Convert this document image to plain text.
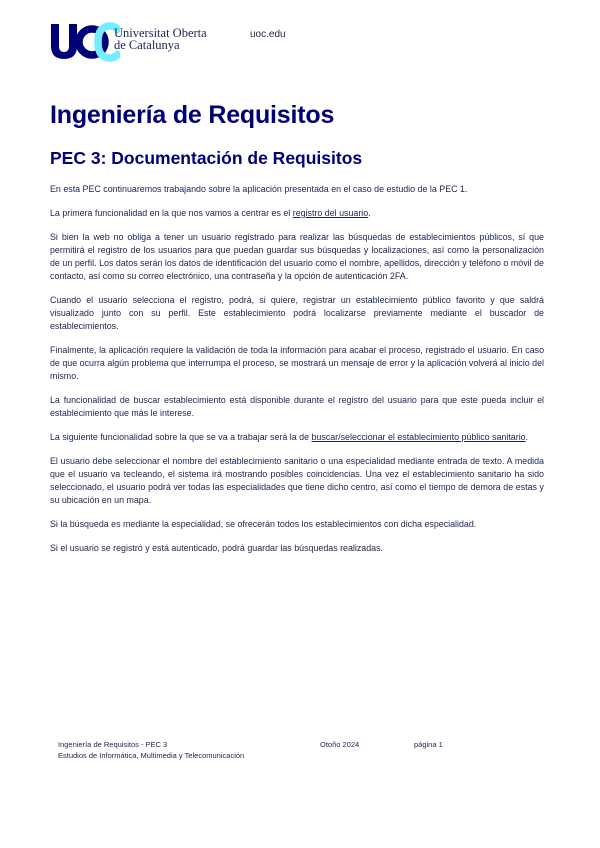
Universitat Oberta
de Catalunya
uoc.edu
Ingeniería de Requisitos
PEC 3: Documentación de Requisitos

En esta PEC continuaremos trabajando sobre la aplicación presentada en el caso de estudio de la PEC 1.

La primera funcionalidad en la que nos vamos a centrar es el registro del usuario.

Si bien la web no obliga a tener un usuario registrado para realizar las búsquedas de establecimientos públicos, sí que permitirá el registro de los usuarios para que puedan guardar sus búsquedas y localizaciones, así como la personalización de un perfil. Los datos serán los datos de identificación del usuario como el nombre, apellidos, dirección y teléfono o móvil de contacto, así como su correo electrónico, una contraseña y la opción de autenticación 2FA.

Cuando el usuario selecciona el registro, podrá, si quiere, registrar un establecimiento público favorito y que saldrá visualizado junto con su perfil. Este establecimiento podrá localizarse previamente mediante el buscador de establecimientos.

Finalmente, la aplicación requiere la validación de toda la información para acabar el proceso, registrado el usuario. En caso de que ocurra algún problema que interrumpa el proceso, se mostrará un mensaje de error y la aplicación volverá al inicio del mismo.

La funcionalidad de buscar establecimiento está disponible durante el registro del usuario para que este pueda incluir el establecimiento que más le interese.

La siguiente funcionalidad sobre la que se va a trabajar será la de buscar/seleccionar el establecimiento público sanitario.

El usuario debe seleccionar el nombre del establecimiento sanitario o una especialidad mediante entrada de texto. A medida que el usuario va tecleando, el sistema irá mostrando posibles coincidencias. Una vez el establecimiento sanitario ha sido seleccionado, el usuario podrá ver todas las especialidades que tiene dicho centro, así como el tiempo de demora de estas y su ubicación en un mapa.

Si la búsqueda es mediante la especialidad, se ofrecerán todos los establecimientos con dicha especialidad.

Si el usuario se registró y está autenticado, podrá guardar las búsquedas realizadas.

Ingeniería de Requisitos - PEC 3	Otoño 2024	página 1
Estudios de Informática, Multimedia y Telecomunicación
